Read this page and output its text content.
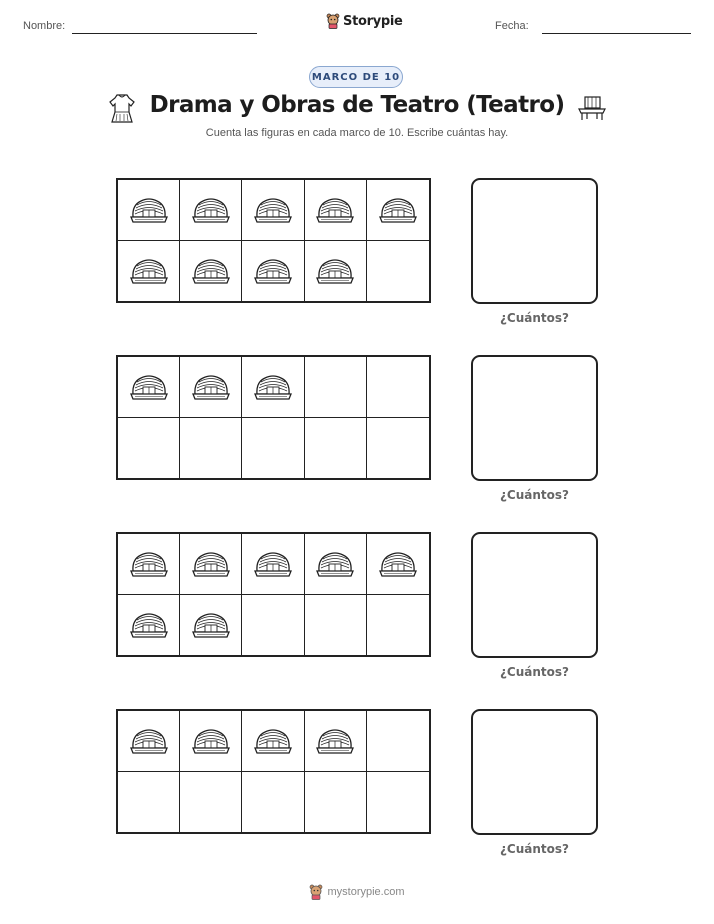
Nombre:	Storypie	Fecha:
MARCO DE 10
Drama y Obras de Teatro (Teatro)
Cuenta las figuras en cada marco de 10. Escribe cuántas hay.
¿Cuántos?
¿Cuántos?
¿Cuántos?
¿Cuántos?
mystorypie.com
